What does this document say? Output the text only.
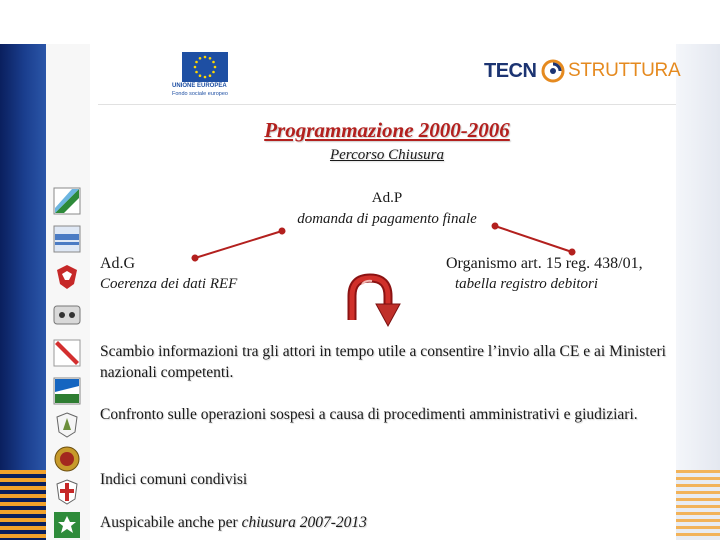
UNIONE EUROPEA
Fondo sociale europeo
TECN STRUTTURA
Programmazione 2000-2006
Percorso Chiusura
Ad.P
domanda di pagamento finale
Ad.G
Coerenza dei dati REF
Organismo art. 15 reg. 438/01,
tabella registro debitori
Scambio informazioni tra gli attori in tempo utile a consentire l’invio alla CE e ai Ministeri nazionali competenti.
Confronto sulle operazioni sospesi a causa di procedimenti amministrativi e giudiziari.
Indici comuni condivisi
Auspicabile anche per chiusura 2007-2013
